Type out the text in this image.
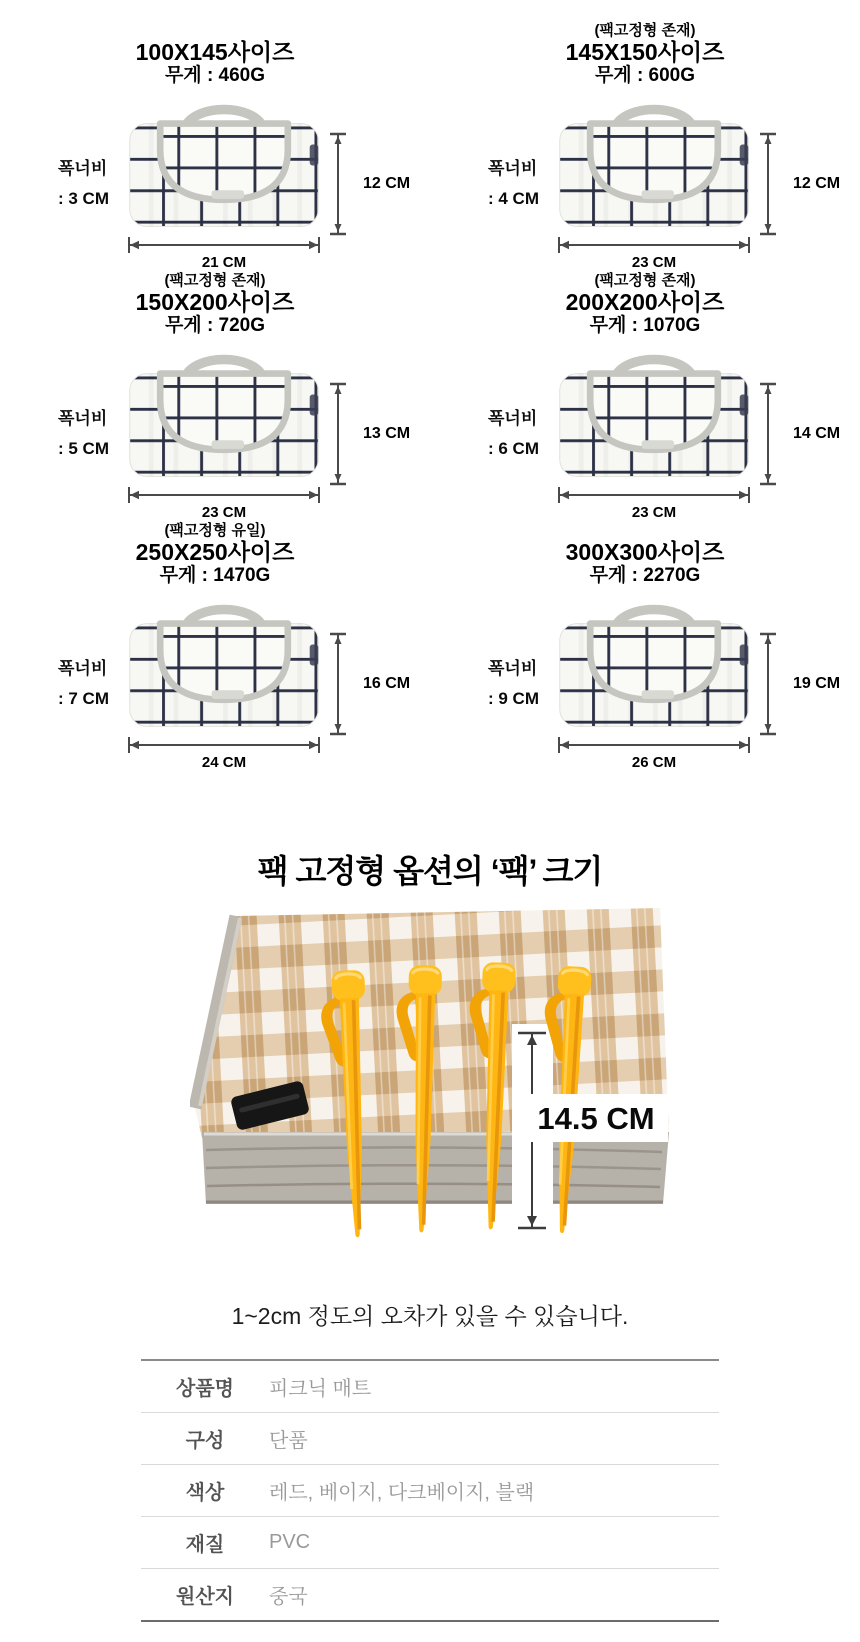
100X145사이즈
무게 : 460G
폭너비
: 3 CM
21 CM
12 CM
(팩고정형 존재)
145X150사이즈
무게 : 600G
폭너비
: 4 CM
23 CM
12 CM
(팩고정형 존재)
150X200사이즈
무게 : 720G
폭너비
: 5 CM
23 CM
13 CM
(팩고정형 존재)
200X200사이즈
무게 : 1070G
폭너비
: 6 CM
23 CM
14 CM
(팩고정형 유일)
250X250사이즈
무게 : 1470G
폭너비
: 7 CM
24 CM
16 CM
300X300사이즈
무게 : 2270G
폭너비
: 9 CM
26 CM
19 CM
팩 고정형 옵션의 ‘팩’ 크기
14.5 CM

1~2cm 정도의 오차가 있을 수 있습니다.

상품명	피크닉 매트
구성	단품
색상	레드, 베이지, 다크베이지, 블랙
재질	PVC
원산지	중국
